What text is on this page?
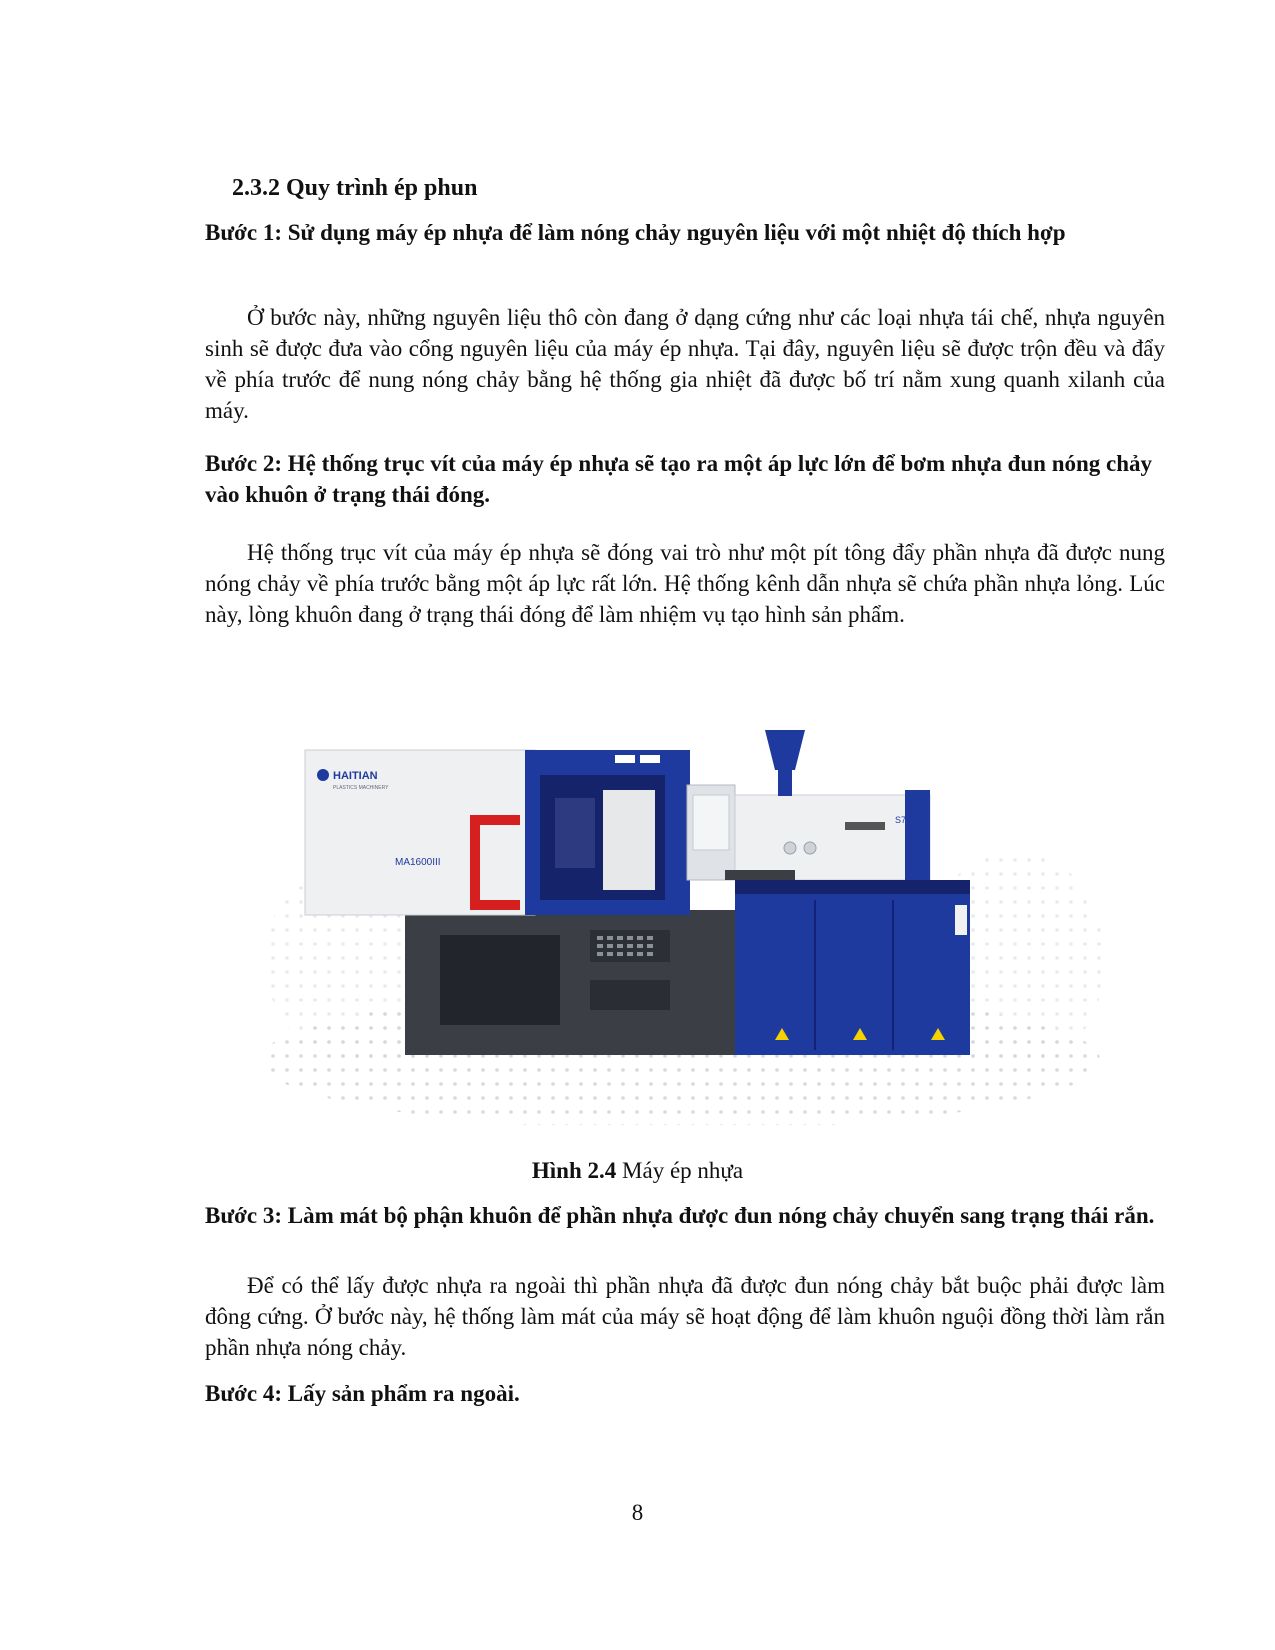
2.3.2 Quy trình ép phun

Bước 1: Sử dụng máy ép nhựa để làm nóng chảy nguyên liệu với một nhiệt độ thích hợp

Ở bước này, những nguyên liệu thô còn đang ở dạng cứng như các loại nhựa tái chế, nhựa nguyên sinh sẽ được đưa vào cổng nguyên liệu của máy ép nhựa. Tại đây, nguyên liệu sẽ được trộn đều và đẩy về phía trước để nung nóng chảy bằng hệ thống gia nhiệt đã được bố trí nằm xung quanh xilanh của máy.

Bước 2: Hệ thống trục vít của máy ép nhựa sẽ tạo ra một áp lực lớn để bơm nhựa đun nóng chảy vào khuôn ở trạng thái đóng.

Hệ thống trục vít của máy ép nhựa sẽ đóng vai trò như một pít tông đẩy phần nhựa đã được nung nóng chảy về phía trước bằng một áp lực rất lớn. Hệ thống kênh dẫn nhựa sẽ chứa phần nhựa lỏng. Lúc này, lòng khuôn đang ở trạng thái đóng để làm nhiệm vụ tạo hình sản phẩm.

HAITIAN
PLASTICS MACHINERY
MA1600III
S70

Hình 2.4 Máy ép nhựa

Bước 3: Làm mát bộ phận khuôn để phần nhựa được đun nóng chảy chuyển sang trạng thái rắn.

Để có thể lấy được nhựa ra ngoài thì phần nhựa đã được đun nóng chảy bắt buộc phải được làm đông cứng. Ở bước này, hệ thống làm mát của máy sẽ hoạt động để làm khuôn nguội đồng thời làm rắn phần nhựa nóng chảy.

Bước 4: Lấy sản phẩm ra ngoài.

8
